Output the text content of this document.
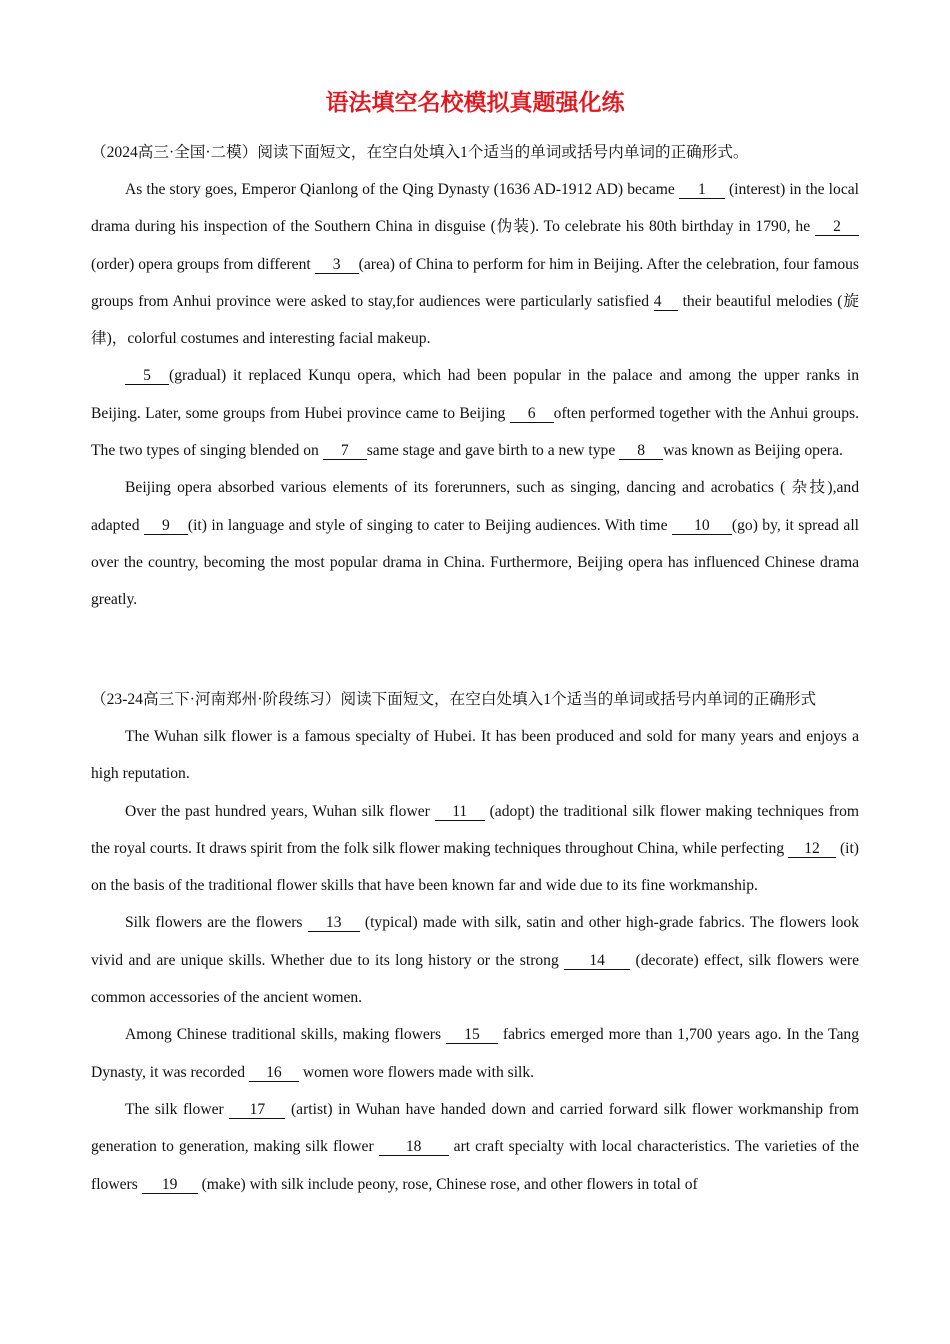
语法填空名校模拟真题强化练

（2024高三·全国·二模）阅读下面短文，在空白处填入1个适当的单词或括号内单词的正确形式。

As the story goes, Emperor Qianlong of the Qing Dynasty (1636 AD-1912 AD) became 1 (interest) in the local drama during his inspection of the Southern China in disguise (伪装). To celebrate his 80th birthday in 1790, he 2 (order) opera groups from different 3 (area) of China to perform for him in Beijing. After the celebration, four famous groups from Anhui province were asked to stay,for audiences were particularly satisfied 4 their beautiful melodies (旋律)，colorful costumes and interesting facial makeup.

5 (gradual) it replaced Kunqu opera, which had been popular in the palace and among the upper ranks in Beijing. Later, some groups from Hubei province came to Beijing 6 often performed together with the Anhui groups. The two types of singing blended on 7 same stage and gave birth to a new type 8 was known as Beijing opera.

Beijing opera absorbed various elements of its forerunners, such as singing, dancing and acrobatics ( 杂技),and adapted 9 (it) in language and style of singing to cater to Beijing audiences. With time 10 (go) by, it spread all over the country, becoming the most popular drama in China. Furthermore, Beijing opera has influenced Chinese drama greatly.

（23-24高三下·河南郑州·阶段练习）阅读下面短文，在空白处填入1个适当的单词或括号内单词的正确形式

The Wuhan silk flower is a famous specialty of Hubei. It has been produced and sold for many years and enjoys a high reputation.

Over the past hundred years, Wuhan silk flower 11 (adopt) the traditional silk flower making techniques from the royal courts. It draws spirit from the folk silk flower making techniques throughout China, while perfecting 12 (it) on the basis of the traditional flower skills that have been known far and wide due to its fine workmanship.

Silk flowers are the flowers 13 (typical) made with silk, satin and other high-grade fabrics. The flowers look vivid and are unique skills. Whether due to its long history or the strong 14 (decorate) effect, silk flowers were common accessories of the ancient women.

Among Chinese traditional skills, making flowers 15 fabrics emerged more than 1,700 years ago. In the Tang Dynasty, it was recorded 16 women wore flowers made with silk.

The silk flower 17 (artist) in Wuhan have handed down and carried forward silk flower workmanship from generation to generation, making silk flower 18 art craft specialty with local characteristics. The varieties of the flowers 19 (make) with silk include peony, rose, Chinese rose, and other flowers in total of
